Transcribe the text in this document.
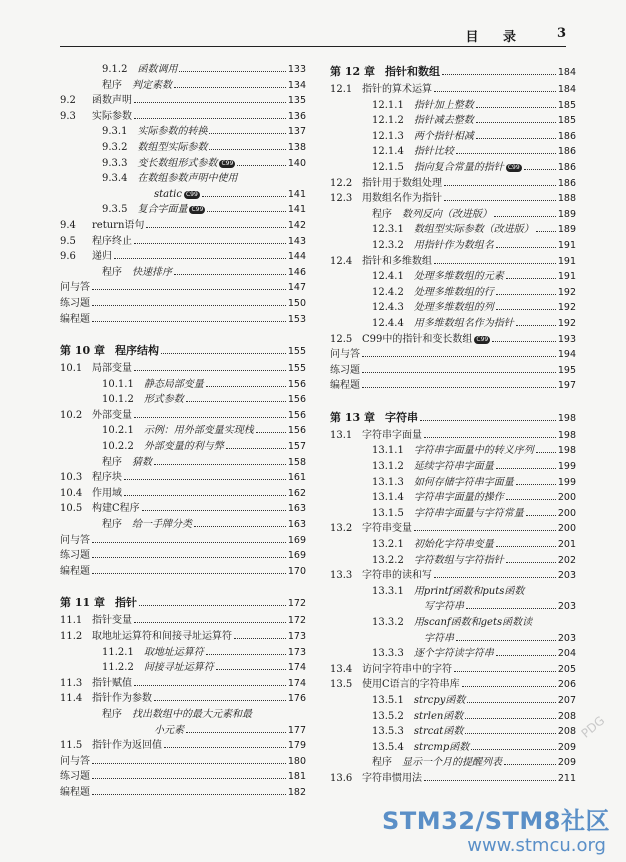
目 录 3
9.1.2 函数调用	133
程序 判定素数	134
9.2	函数声明	135
9.3	实际参数	136
9.3.1 实际参数的转换	137
9.3.2 数组型实际参数	138
9.3.3 变长数组形式参数 C99	140
9.3.4 在数组参数声明中使用
static C99	141
9.3.5 复合字面量 C99	141
9.4	return语句	142
9.5	程序终止	143
9.6	递归	144
程序 快速排序	146
问与答	147
练习题	150
编程题	153
第 10 章 程序结构	155
10.1 局部变量	155
10.1.1 静态局部变量	156
10.1.2 形式参数	156
10.2 外部变量	156
10.2.1 示例：用外部变量实现栈	156
10.2.2 外部变量的利与弊	157
程序 猜数	158
10.3 程序块	161
10.4 作用域	162
10.5 构建C程序	163
程序 给一手牌分类	163
问与答	169
练习题	169
编程题	170
第 11 章 指针	172
11.1 指针变量	172
11.2 取地址运算符和间接寻址运算符	173
11.2.1 取地址运算符	173
11.2.2 间接寻址运算符	174
11.3 指针赋值	174
11.4 指针作为参数	176
程序 找出数组中的最大元素和最
小元素	177
11.5 指针作为返回值	179
问与答	180
练习题	181
编程题	182
第 12 章 指针和数组	184
12.1 指针的算术运算	184
12.1.1 指针加上整数	185
12.1.2 指针减去整数	185
12.1.3 两个指针相减	186
12.1.4 指针比较	186
12.1.5 指向复合常量的指针 C99	186
12.2 指针用于数组处理	186
12.3 用数组名作为指针	188
程序 数列反向（改进版）	189
12.3.1 数组型实际参数（改进版）	189
12.3.2 用指针作为数组名	191
12.4 指针和多维数组	191
12.4.1 处理多维数组的元素	191
12.4.2 处理多维数组的行	192
12.4.3 处理多维数组的列	192
12.4.4 用多维数组名作为指针	192
12.5 C99中的指针和变长数组 C99	193
问与答	194
练习题	195
编程题	197
第 13 章 字符串	198
13.1 字符串字面量	198
13.1.1 字符串字面量中的转义序列	198
13.1.2 延续字符串字面量	199
13.1.3 如何存储字符串字面量	199
13.1.4 字符串字面量的操作	200
13.1.5 字符串字面量与字符常量	200
13.2 字符串变量	200
13.2.1 初始化字符串变量	201
13.2.2 字符数组与字符指针	202
13.3 字符串的读和写	203
13.3.1 用printf函数和puts函数
写字符串	203
13.3.2 用scanf函数和gets函数读
字符串	203
13.3.3 逐个字符读字符串	204
13.4 访问字符串中的字符	205
13.5 使用C语言的字符串库	206
13.5.1 strcpy函数	207
13.5.2 strlen函数	208
13.5.3 strcat函数	208
13.5.4 strcmp函数	209
程序 显示一个月的提醒列表	209
13.6 字符串惯用法	211
PDG
STM32/STM8社区
www.stmcu.org
